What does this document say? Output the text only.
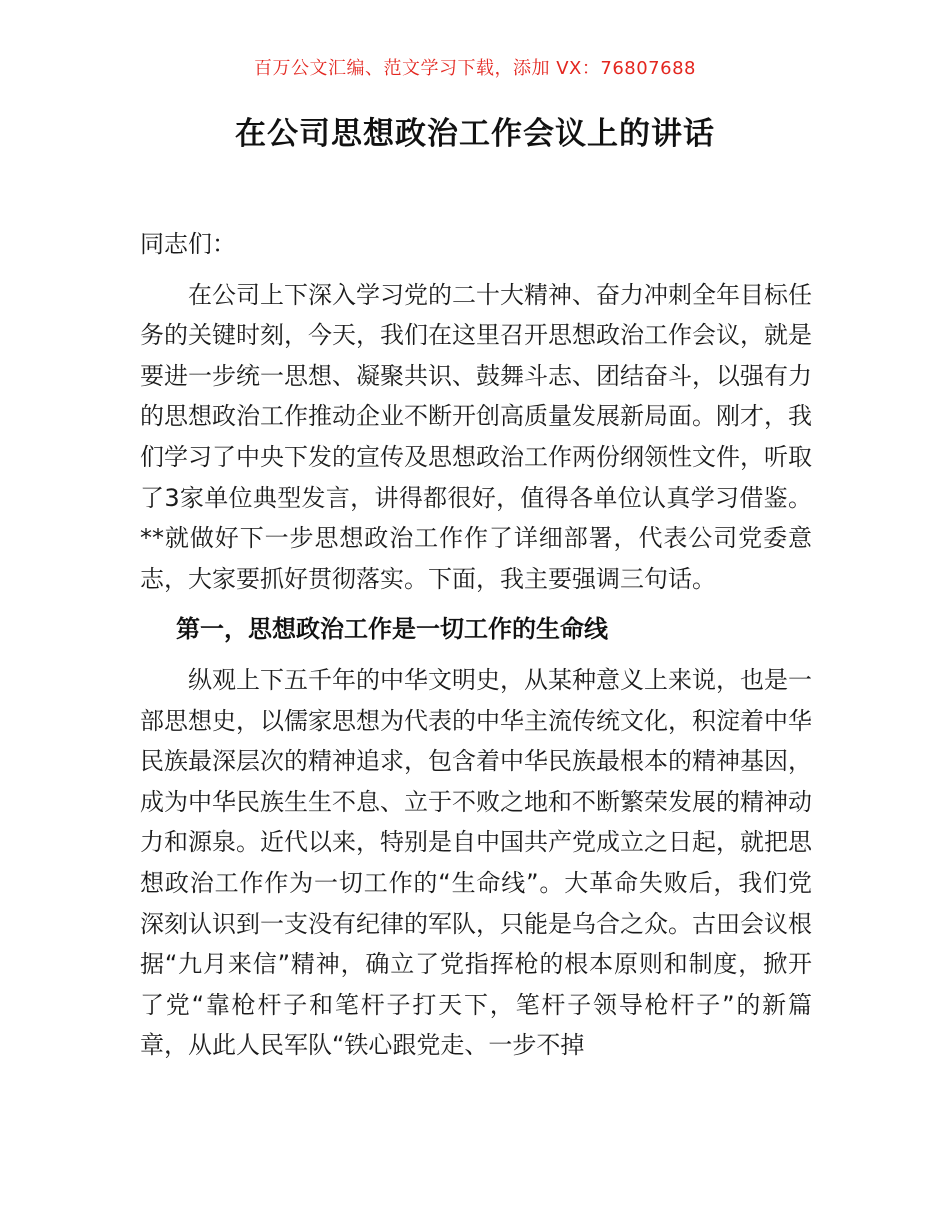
百万公文汇编、范文学习下载，添加 VX：76807688
在公司思想政治工作会议上的讲话

同志们：

在公司上下深入学习党的二十大精神、奋力冲刺全年目标任务的关键时刻，今天，我们在这里召开思想政治工作会议，就是要进一步统一思想、凝聚共识、鼓舞斗志、团结奋斗，以强有力的思想政治工作推动企业不断开创高质量发展新局面。刚才，我们学习了中央下发的宣传及思想政治工作两份纲领性文件，听取了3家单位典型发言，讲得都很好，值得各单位认真学习借鉴。**就做好下一步思想政治工作作了详细部署，代表公司党委意志，大家要抓好贯彻落实。下面，我主要强调三句话。

第一，思想政治工作是一切工作的生命线

纵观上下五千年的中华文明史，从某种意义上来说，也是一部思想史，以儒家思想为代表的中华主流传统文化，积淀着中华民族最深层次的精神追求，包含着中华民族最根本的精神基因，成为中华民族生生不息、立于不败之地和不断繁荣发展的精神动力和源泉。近代以来，特别是自中国共产党成立之日起，就把思想政治工作作为一切工作的“生命线”。大革命失败后，我们党深刻认识到一支没有纪律的军队，只能是乌合之众。古田会议根据“九月来信”精神，确立了党指挥枪的根本原则和制度，掀开了党“靠枪杆子和笔杆子打天下，笔杆子领导枪杆子”的新篇章，从此人民军队“铁心跟党走、一步不掉
